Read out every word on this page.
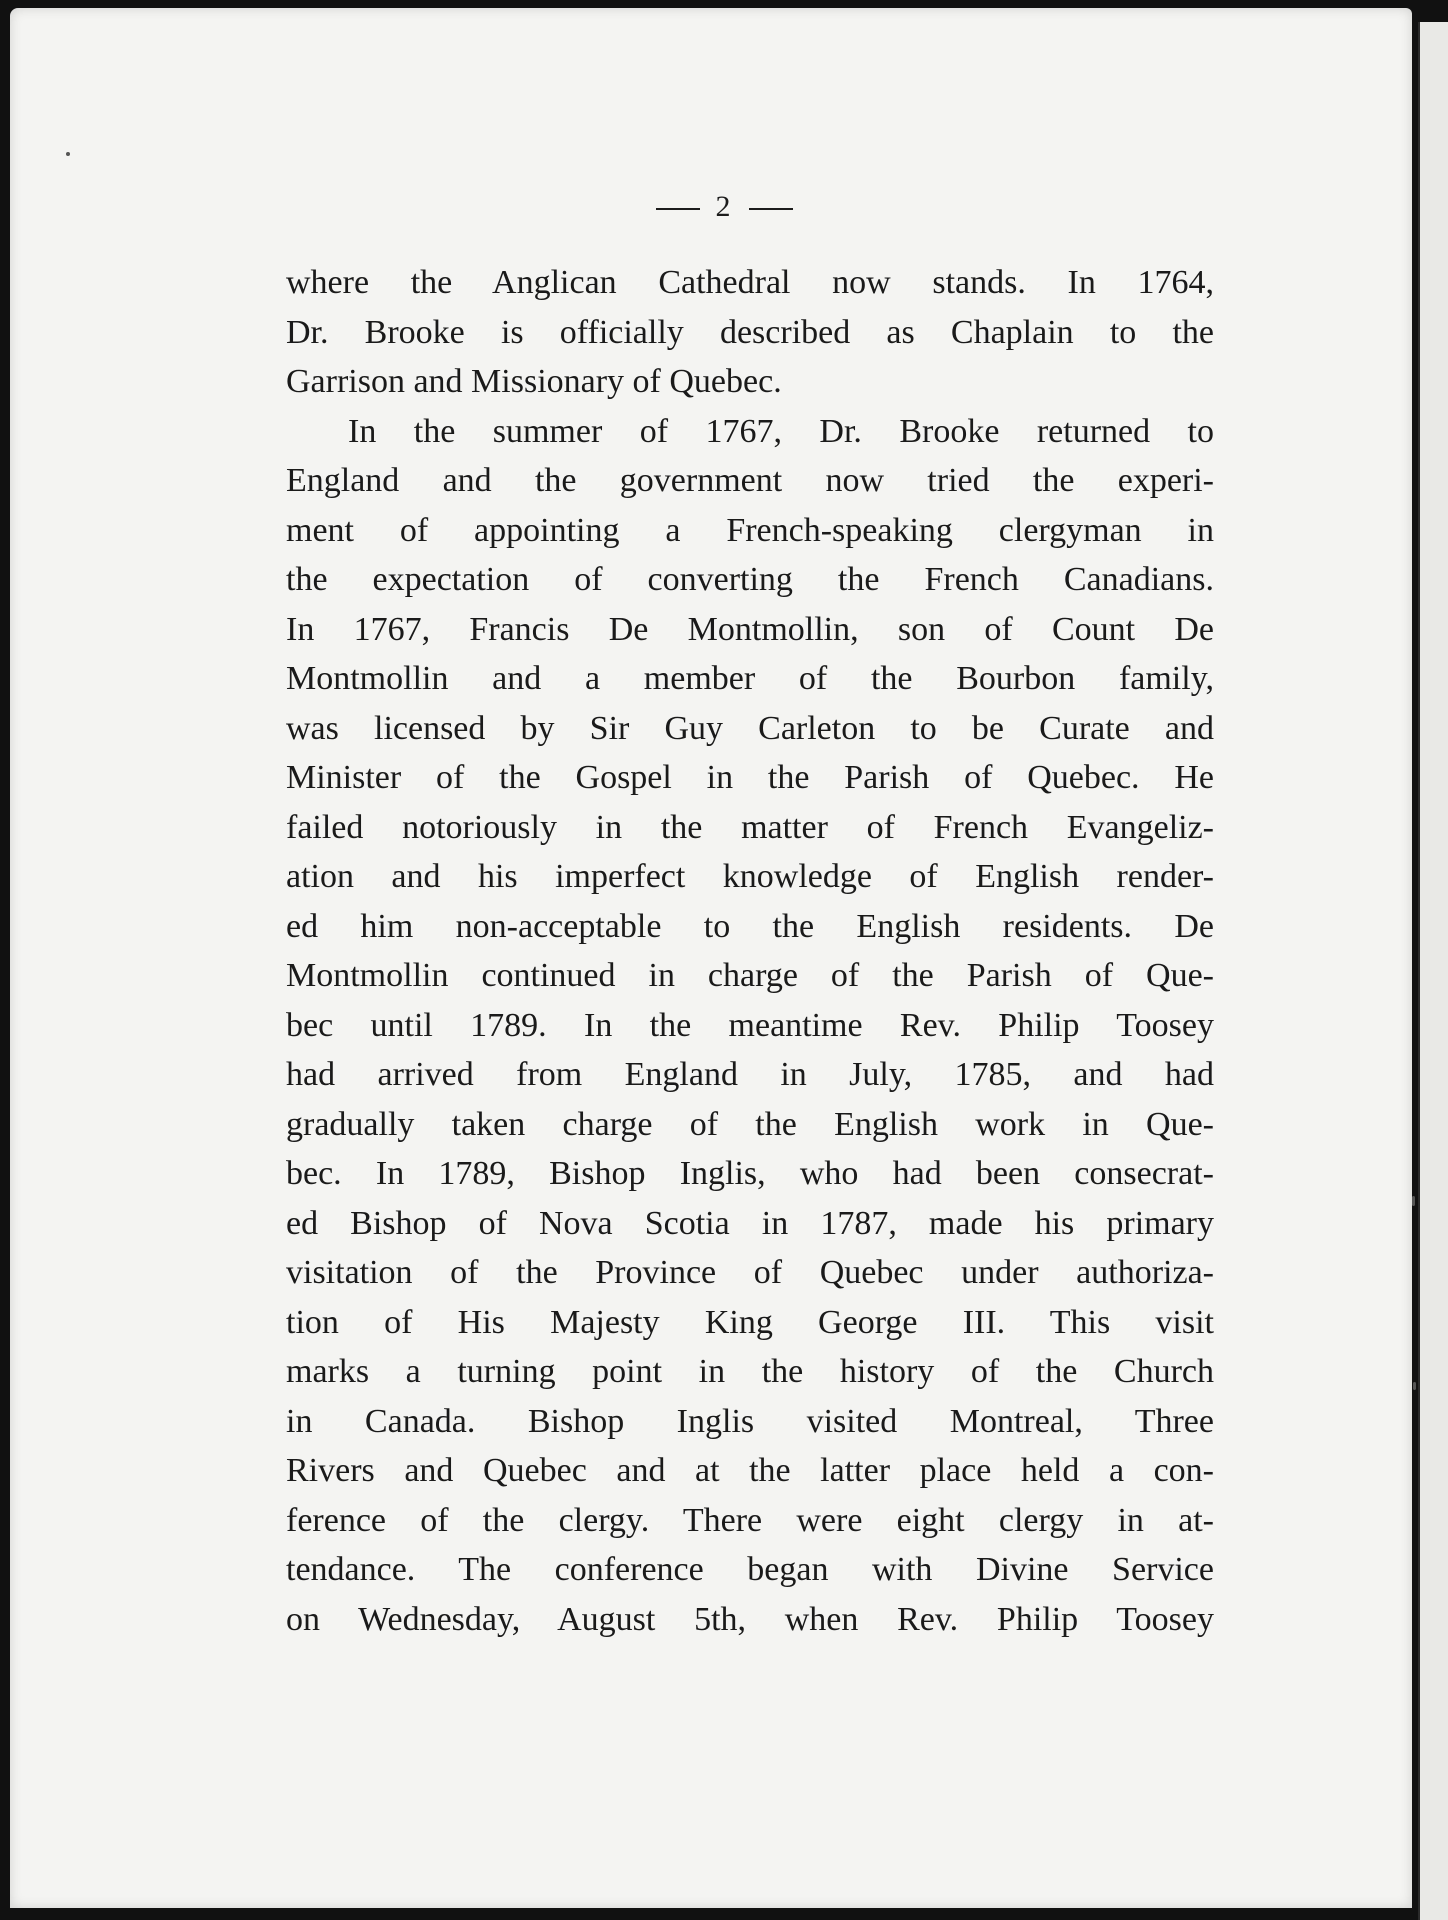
2
where the Anglican Cathedral now stands. In 1764,
Dr. Brooke is officially described as Chaplain to the
Garrison and Missionary of Quebec.
In the summer of 1767, Dr. Brooke returned to
England and the government now tried the experi-
ment of appointing a French-speaking clergyman in
the expectation of converting the French Canadians.
In 1767, Francis De Montmollin, son of Count De
Montmollin and a member of the Bourbon family,
was licensed by Sir Guy Carleton to be Curate and
Minister of the Gospel in the Parish of Quebec. He
failed notoriously in the matter of French Evangeliz-
ation and his imperfect knowledge of English render-
ed him non-acceptable to the English residents. De
Montmollin continued in charge of the Parish of Que-
bec until 1789. In the meantime Rev. Philip Toosey
had arrived from England in July, 1785, and had
gradually taken charge of the English work in Que-
bec. In 1789, Bishop Inglis, who had been consecrat-
ed Bishop of Nova Scotia in 1787, made his primary
visitation of the Province of Quebec under authoriza-
tion of His Majesty King George III. This visit
marks a turning point in the history of the Church
in Canada. Bishop Inglis visited Montreal, Three
Rivers and Quebec and at the latter place held a con-
ference of the clergy. There were eight clergy in at-
tendance. The conference began with Divine Service
on Wednesday, August 5th, when Rev. Philip Toosey
